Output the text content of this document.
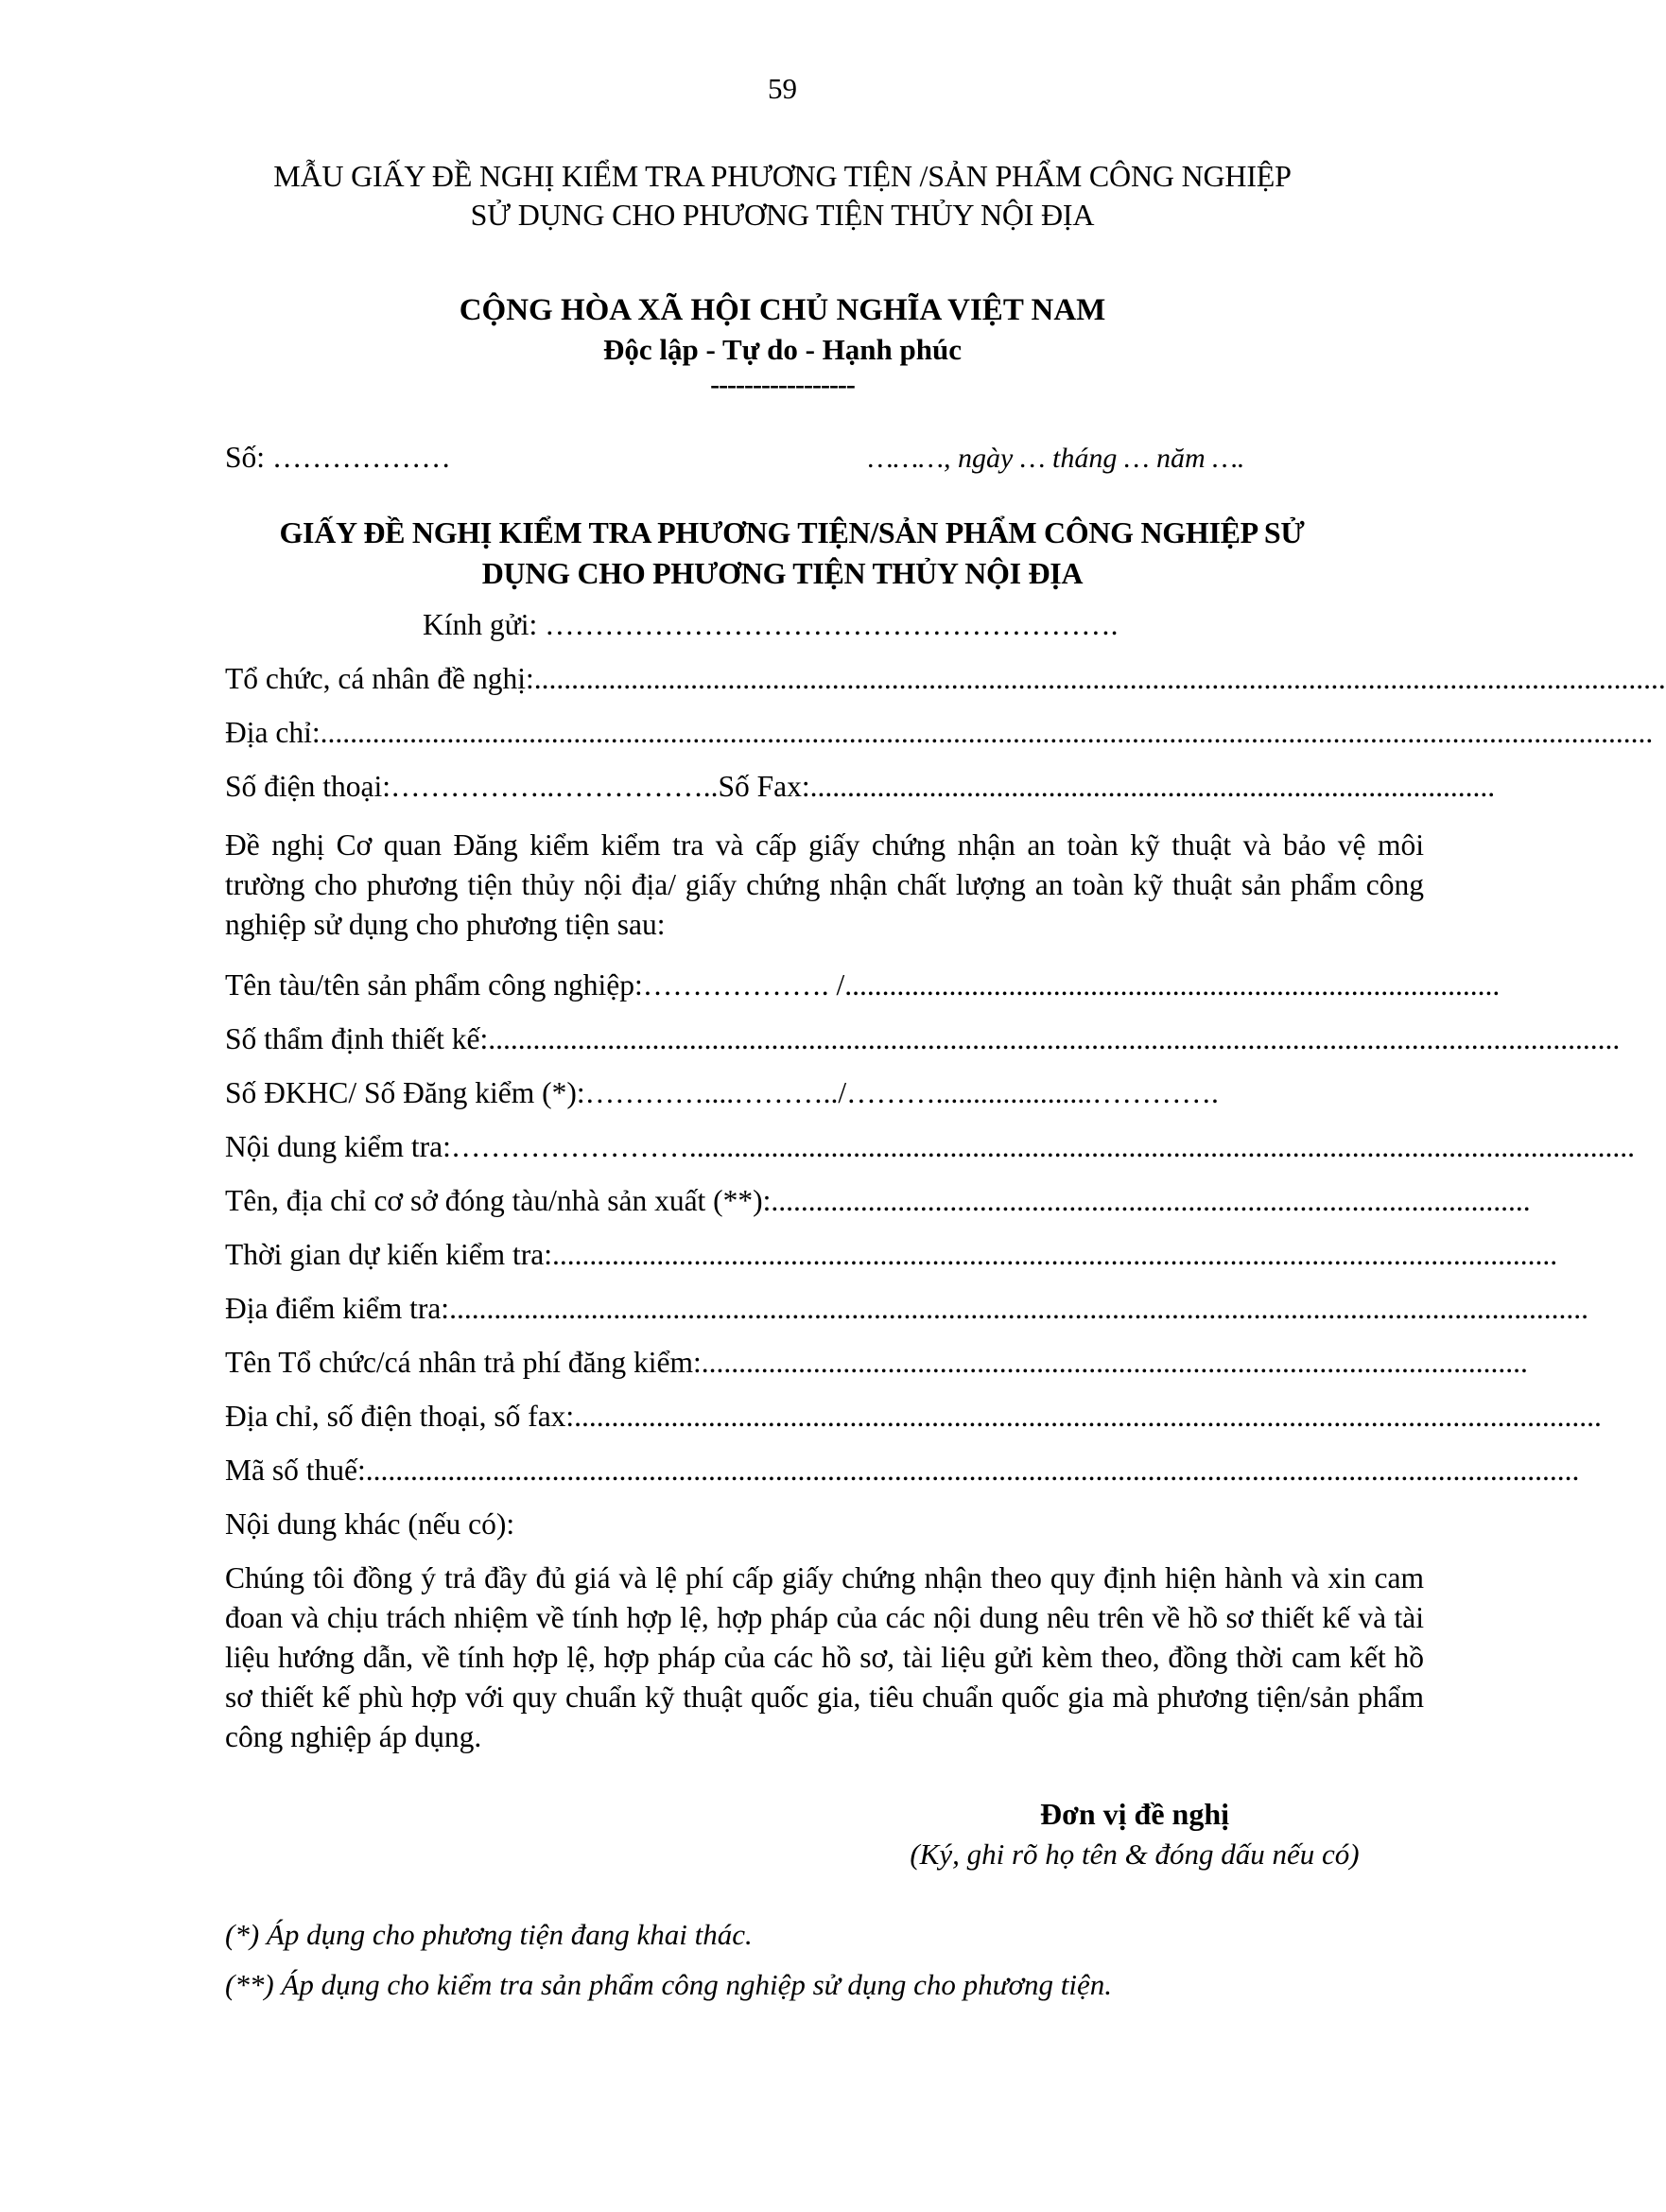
59
MẪU GIẤY ĐỀ NGHỊ KIỂM TRA PHƯƠNG TIỆN /SẢN PHẨM CÔNG NGHIỆP
SỬ DỤNG CHO PHƯƠNG TIỆN THỦY NỘI ĐỊA
CỘNG HÒA XÃ HỘI CHỦ NGHĨA VIỆT NAM
Độc lập - Tự do - Hạnh phúc
-----------------
Số: ………………	………, ngày … tháng … năm ….
GIẤY ĐỀ NGHỊ KIỂM TRA PHƯƠNG TIỆN/SẢN PHẨM CÔNG NGHIỆP SỬ
DỤNG CHO PHƯƠNG TIỆN THỦY NỘI ĐỊA
Kính gửi: ………………………………………………….
Tổ chức, cá nhân đề nghị: ........................................................................................................................................................
Địa chỉ: ...................................................................................................................................................................................
Số điện thoại: ……………..…………….. Số Fax: ............................................................................................
Đề nghị Cơ quan Đăng kiểm kiểm tra và cấp giấy chứng nhận an toàn kỹ thuật và bảo vệ môi trường cho phương tiện thủy nội địa/ giấy chứng nhận chất lượng an toàn kỹ thuật sản phẩm công nghiệp sử dụng cho phương tiện sau:
Tên tàu/tên sản phẩm công nghiệp: ………………. /........................................................................................
Số thẩm định thiết kế: ........................................................................................................................................................
Số ĐKHC/ Số Đăng kiểm (*): …………....………../……….....................………….
Nội dung kiểm tra: ……………………...............................................................................................................................
Tên, địa chỉ cơ sở đóng tàu/nhà sản xuất (**): ......................................................................................................
Thời gian dự kiến kiểm tra: .......................................................................................................................................
Địa điểm kiểm tra: .........................................................................................................................................................
Tên Tổ chức/cá nhân trả phí đăng kiểm: ...............................................................................................................
Địa chỉ, số điện thoại, số fax: ..........................................................................................................................................
Mã số thuế: ...................................................................................................................................................................
Nội dung khác (nếu có):
Chúng tôi đồng ý trả đầy đủ giá và lệ phí cấp giấy chứng nhận theo quy định hiện hành và xin cam đoan và chịu trách nhiệm về tính hợp lệ, hợp pháp của các nội dung nêu trên về hồ sơ thiết kế và tài liệu hướng dẫn, về tính hợp lệ, hợp pháp của các hồ sơ, tài liệu gửi kèm theo, đồng thời cam kết hồ sơ thiết kế phù hợp với quy chuẩn kỹ thuật quốc gia, tiêu chuẩn quốc gia mà phương tiện/sản phẩm công nghiệp áp dụng.
Đơn vị đề nghị
(Ký, ghi rõ họ tên & đóng dấu nếu có)
(*) Áp dụng cho phương tiện đang khai thác.
(**) Áp dụng cho kiểm tra sản phẩm công nghiệp sử dụng cho phương tiện.
